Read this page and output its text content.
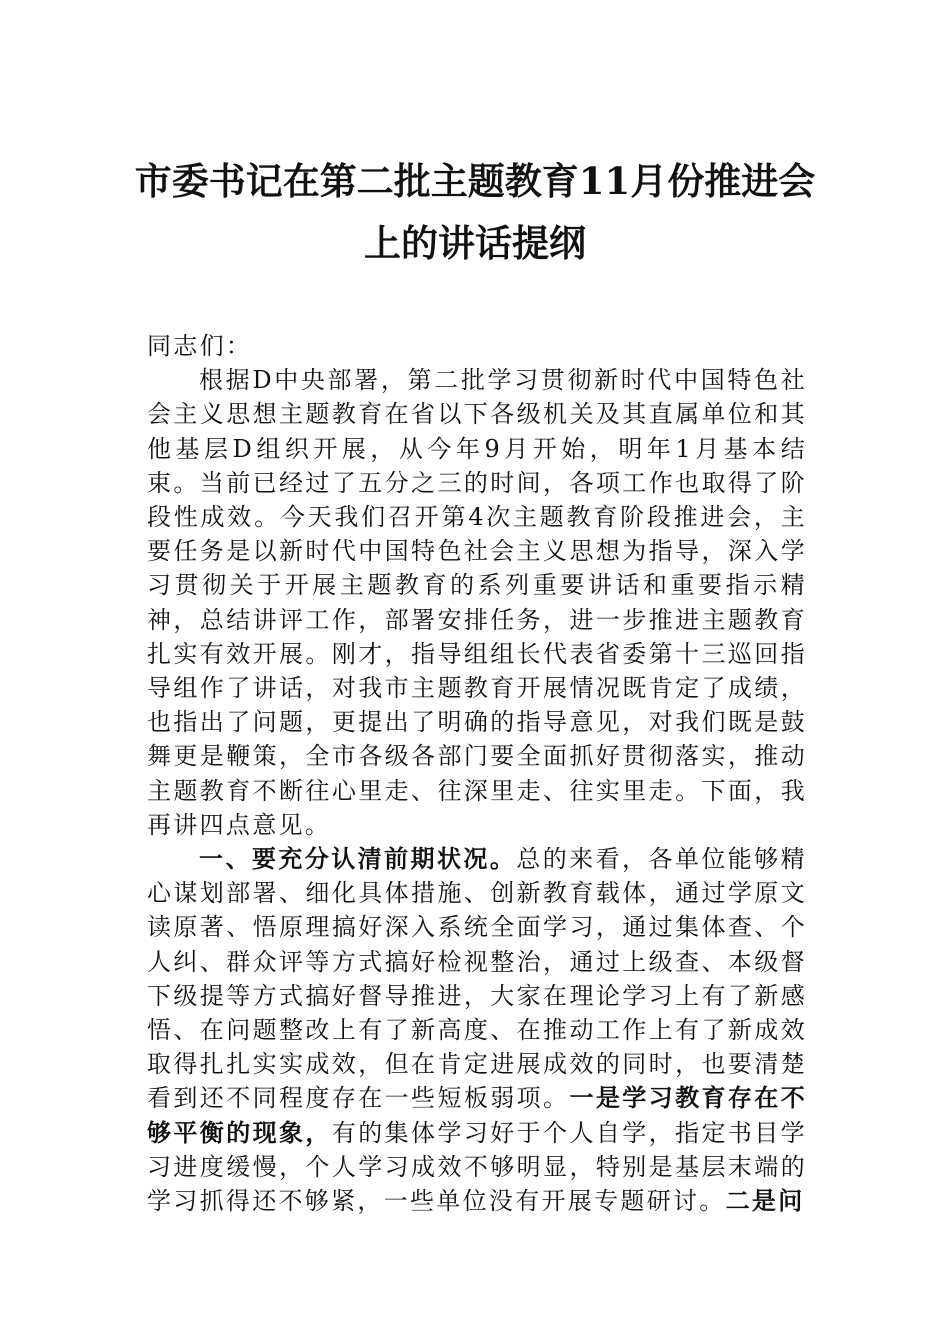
市委书记在第二批主题教育11月份推进会
上的讲话提纲

同志们：

根据D中央部署，第二批学习贯彻新时代中国特色社会主义思想主题教育在省以下各级机关及其直属单位和其他基层D组织开展，从今年9月开始，明年1月基本结束。当前已经过了五分之三的时间，各项工作也取得了阶段性成效。今天我们召开第4次主题教育阶段推进会，主要任务是以新时代中国特色社会主义思想为指导，深入学习贯彻关于开展主题教育的系列重要讲话和重要指示精神，总结讲评工作，部署安排任务，进一步推进主题教育扎实有效开展。刚才，指导组组长代表省委第十三巡回指导组作了讲话，对我市主题教育开展情况既肯定了成绩，也指出了问题，更提出了明确的指导意见，对我们既是鼓舞更是鞭策，全市各级各部门要全面抓好贯彻落实，推动主题教育不断往心里走、往深里走、往实里走。下面，我再讲四点意见。

一、要充分认清前期状况。总的来看，各单位能够精心谋划部署、细化具体措施、创新教育载体，通过学原文读原著、悟原理搞好深入系统全面学习，通过集体查、个人纠、群众评等方式搞好检视整治，通过上级查、本级督下级提等方式搞好督导推进，大家在理论学习上有了新感悟、在问题整改上有了新高度、在推动工作上有了新成效取得扎扎实实成效，但在肯定进展成效的同时，也要清楚看到还不同程度存在一些短板弱项。一是学习教育存在不够平衡的现象，有的集体学习好于个人自学，指定书目学习进度缓慢，个人学习成效不够明显，特别是基层末端的学习抓得还不够紧，一些单位没有开展专题研讨。二是问
